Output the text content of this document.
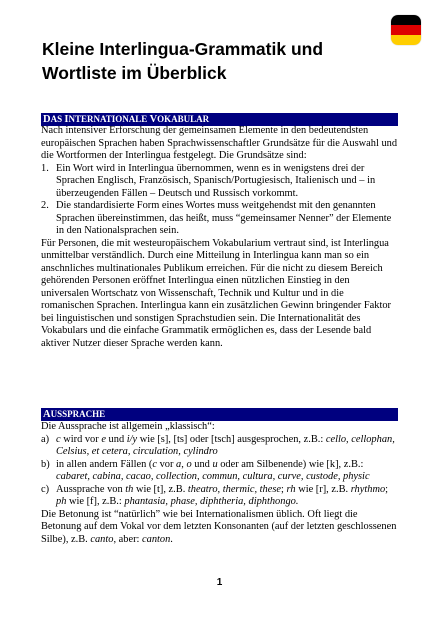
Kleine Interlingua-Grammatik und
Wortliste im Überblick
DAS INTERNATIONALE VOKABULAR

Nach intensiver Erforschung der gemeinsamen Elemente in den bedeutendsten europäischen Sprachen haben Sprachwissenschaftler Grundsätze für die Auswahl und die Wortformen der Interlingua festgelegt. Die Grundsätze sind:

1. Ein Wort wird in Interlingua übernommen, wenn es in wenigstens drei der Sprachen Englisch, Französisch, Spanisch/Portugiesisch, Italienisch und – in überzeugenden Fällen – Deutsch und Russisch vorkommt.
2. Die standardisierte Form eines Wortes muss weitgehendst mit den genannten Sprachen übereinstimmen, das heißt, muss “gemeinsamer Nenner” der Elemente in den Nationalsprachen sein.

Für Personen, die mit westeuropäischem Vokabularium vertraut sind, ist Interlingua unmittelbar verständlich. Durch eine Mitteilung in Interlingua kann man so ein anschnliches multinationales Publikum erreichen. Für die nicht zu diesem Bereich gehörenden Personen eröffnet Interlingua einen nützlichen Einstieg in den universalen Wortschatz von Wissenschaft, Technik und Kultur und in die romanischen Sprachen. Interlingua kann ein zusätzlichen Gewinn bringender Faktor bei linguistischen und sonstigen Sprachstudien sein. Die Internationalität des Vokabulars und die einfache Grammatik ermöglichen es, dass der Lesende bald aktiver Nutzer dieser Sprache werden kann.

AUSSPRACHE

Die Aussprache ist allgemein „klassisch“:

a) c wird vor e und i/y wie [s], [ts] oder [tsch] ausgesprochen, z.B.: cello, cellophan, Celsius, et cetera, circulation, cylindro
b) in allen andern Fällen (c vor a, o und u oder am Silbenende) wie [k], z.B.: cabaret, cabina, cacao, collection, commun, cultura, curve, custode, physic
c) Aussprache von th wie [t], z.B. theatro, thermic, these; rh wie [r], z.B. rhythmo; ph wie [f], z.B.: phantasia, phase, diphtheria, diphthongo.

Die Betonung ist “natürlich” wie bei Internationalismen üblich. Oft liegt die Betonung auf dem Vokal vor dem letzten Konsonanten (auf der letzten geschlossenen Silbe), z.B. canto, aber: canton.

1
